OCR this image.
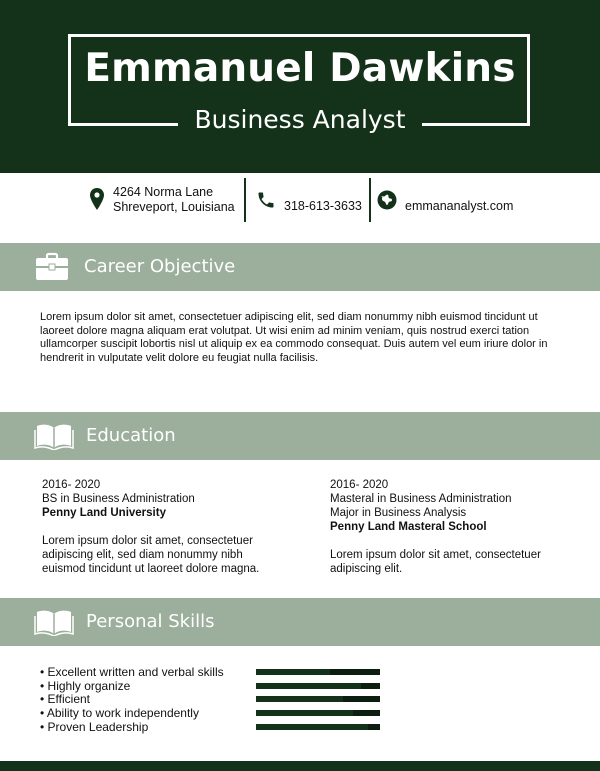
Emmanuel Dawkins
Business Analyst
4264 Norma Lane
Shreveport, Louisiana	318-613-3633	emmananalyst.com
Career Objective
Lorem ipsum dolor sit amet, consectetuer adipiscing elit, sed diam nonummy nibh euismod tincidunt ut laoreet dolore magna aliquam erat volutpat. Ut wisi enim ad minim veniam, quis nostrud exerci tation ullamcorper suscipit lobortis nisl ut aliquip ex ea commodo consequat. Duis autem vel eum iriure dolor in hendrerit in vulputate velit dolore eu feugiat nulla facilisis.
Education
2016- 2020
BS in Business Administration
Penny Land University
Lorem ipsum dolor sit amet, consectetuer adipiscing elit, sed diam nonummy nibh euismod tincidunt ut laoreet dolore magna.
2016- 2020
Masteral in Business Administration
Major in Business Analysis
Penny Land Masteral School
Lorem ipsum dolor sit amet, consectetuer adipiscing elit.
Personal Skills
• Excellent written and verbal skills
• Highly organize
• Efficient
• Ability to work independently
• Proven Leadership
